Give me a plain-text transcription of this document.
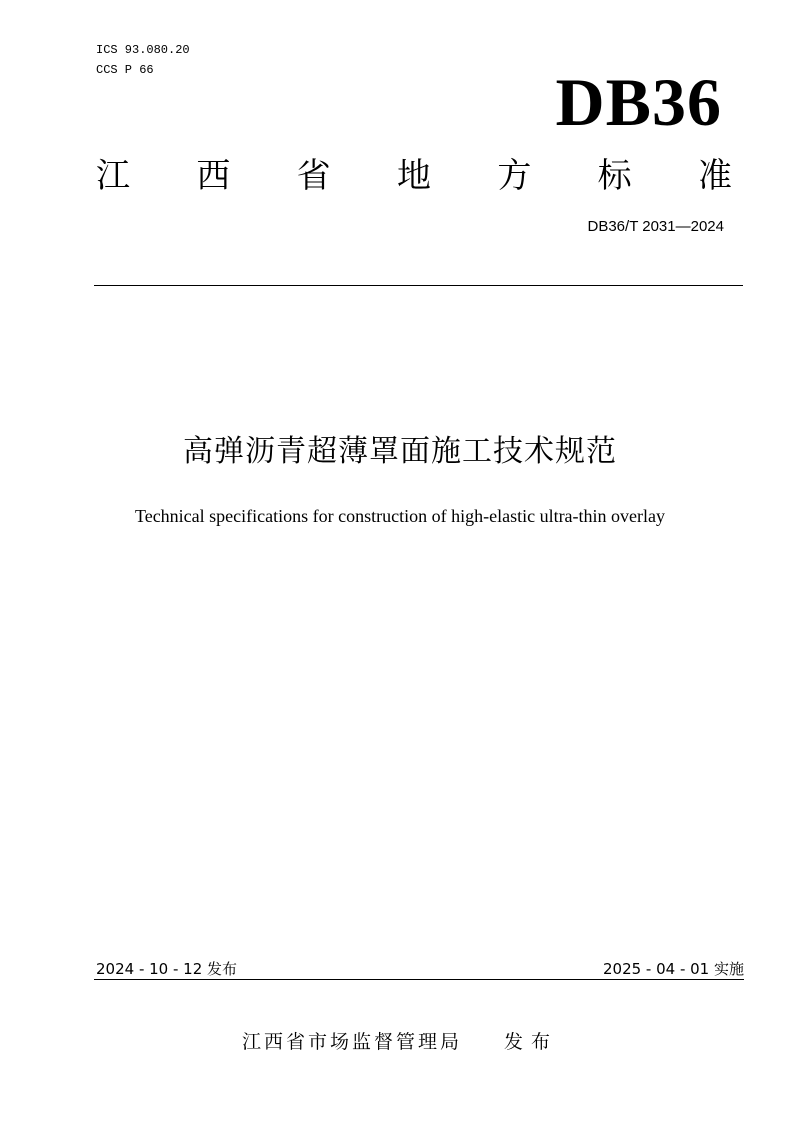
ICS 93.080.20
CCS P 66	DB36
江 西 省 地 方 标 准
DB36/T 2031—2024
高弹沥青超薄罩面施工技术规范
Technical specifications for construction of high-elastic ultra-thin overlay
2024 - 10 - 12 发布	2025 - 04 - 01 实施
江西省市场监督管理局 发布
